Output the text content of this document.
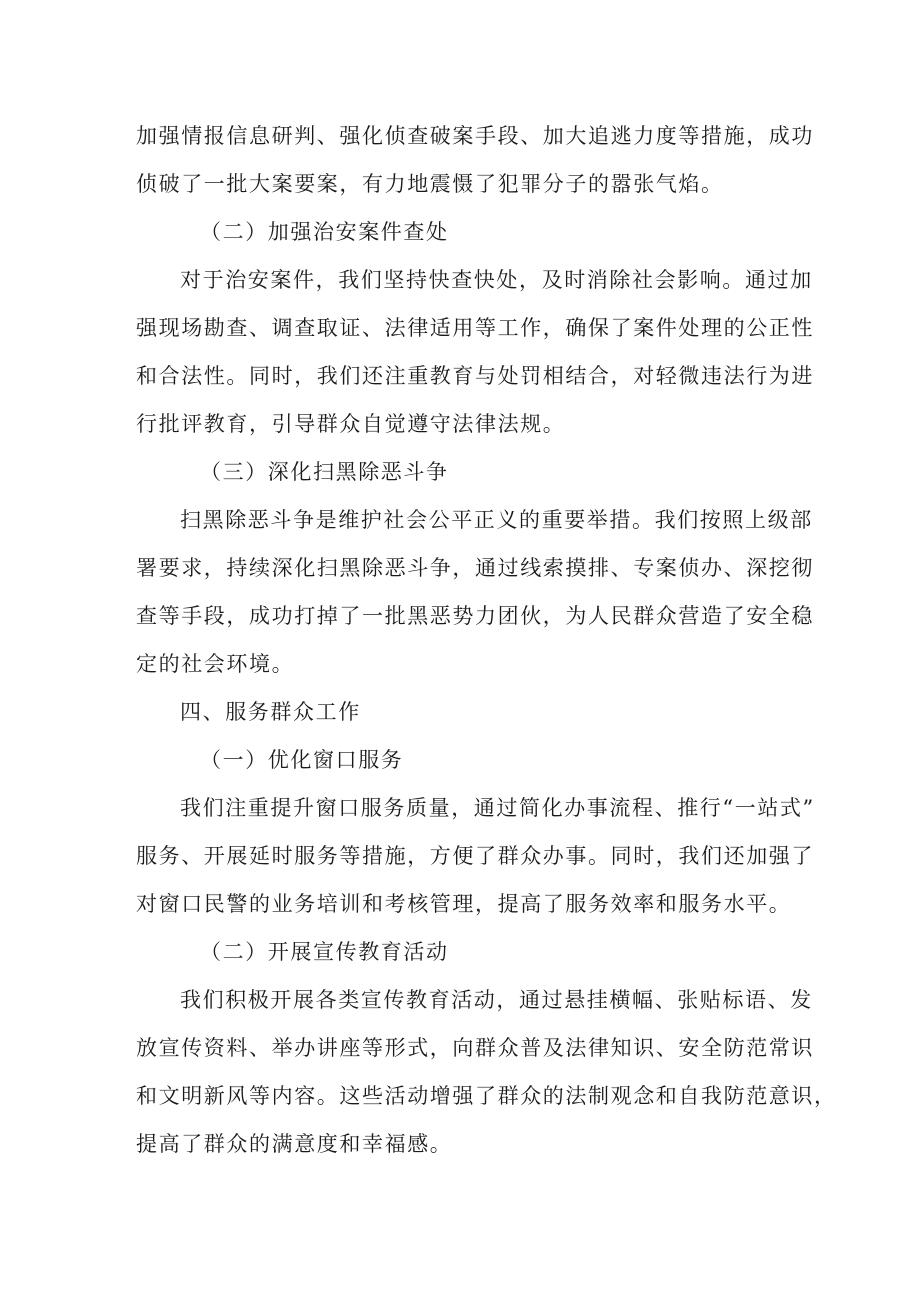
加强情报信息研判、强化侦查破案手段、加大追逃力度等措施，成功
侦破了一批大案要案，有力地震慑了犯罪分子的嚣张气焰。
（二）加强治安案件查处
对于治安案件，我们坚持快查快处，及时消除社会影响。通过加
强现场勘查、调查取证、法律适用等工作，确保了案件处理的公正性
和合法性。同时，我们还注重教育与处罚相结合，对轻微违法行为进
行批评教育，引导群众自觉遵守法律法规。
（三）深化扫黑除恶斗争
扫黑除恶斗争是维护社会公平正义的重要举措。我们按照上级部
署要求，持续深化扫黑除恶斗争，通过线索摸排、专案侦办、深挖彻
查等手段，成功打掉了一批黑恶势力团伙，为人民群众营造了安全稳
定的社会环境。
四、服务群众工作
（一）优化窗口服务
我们注重提升窗口服务质量，通过简化办事流程、推行“一站式”
服务、开展延时服务等措施，方便了群众办事。同时，我们还加强了
对窗口民警的业务培训和考核管理，提高了服务效率和服务水平。
（二）开展宣传教育活动
我们积极开展各类宣传教育活动，通过悬挂横幅、张贴标语、发
放宣传资料、举办讲座等形式，向群众普及法律知识、安全防范常识
和文明新风等内容。这些活动增强了群众的法制观念和自我防范意识，
提高了群众的满意度和幸福感。
